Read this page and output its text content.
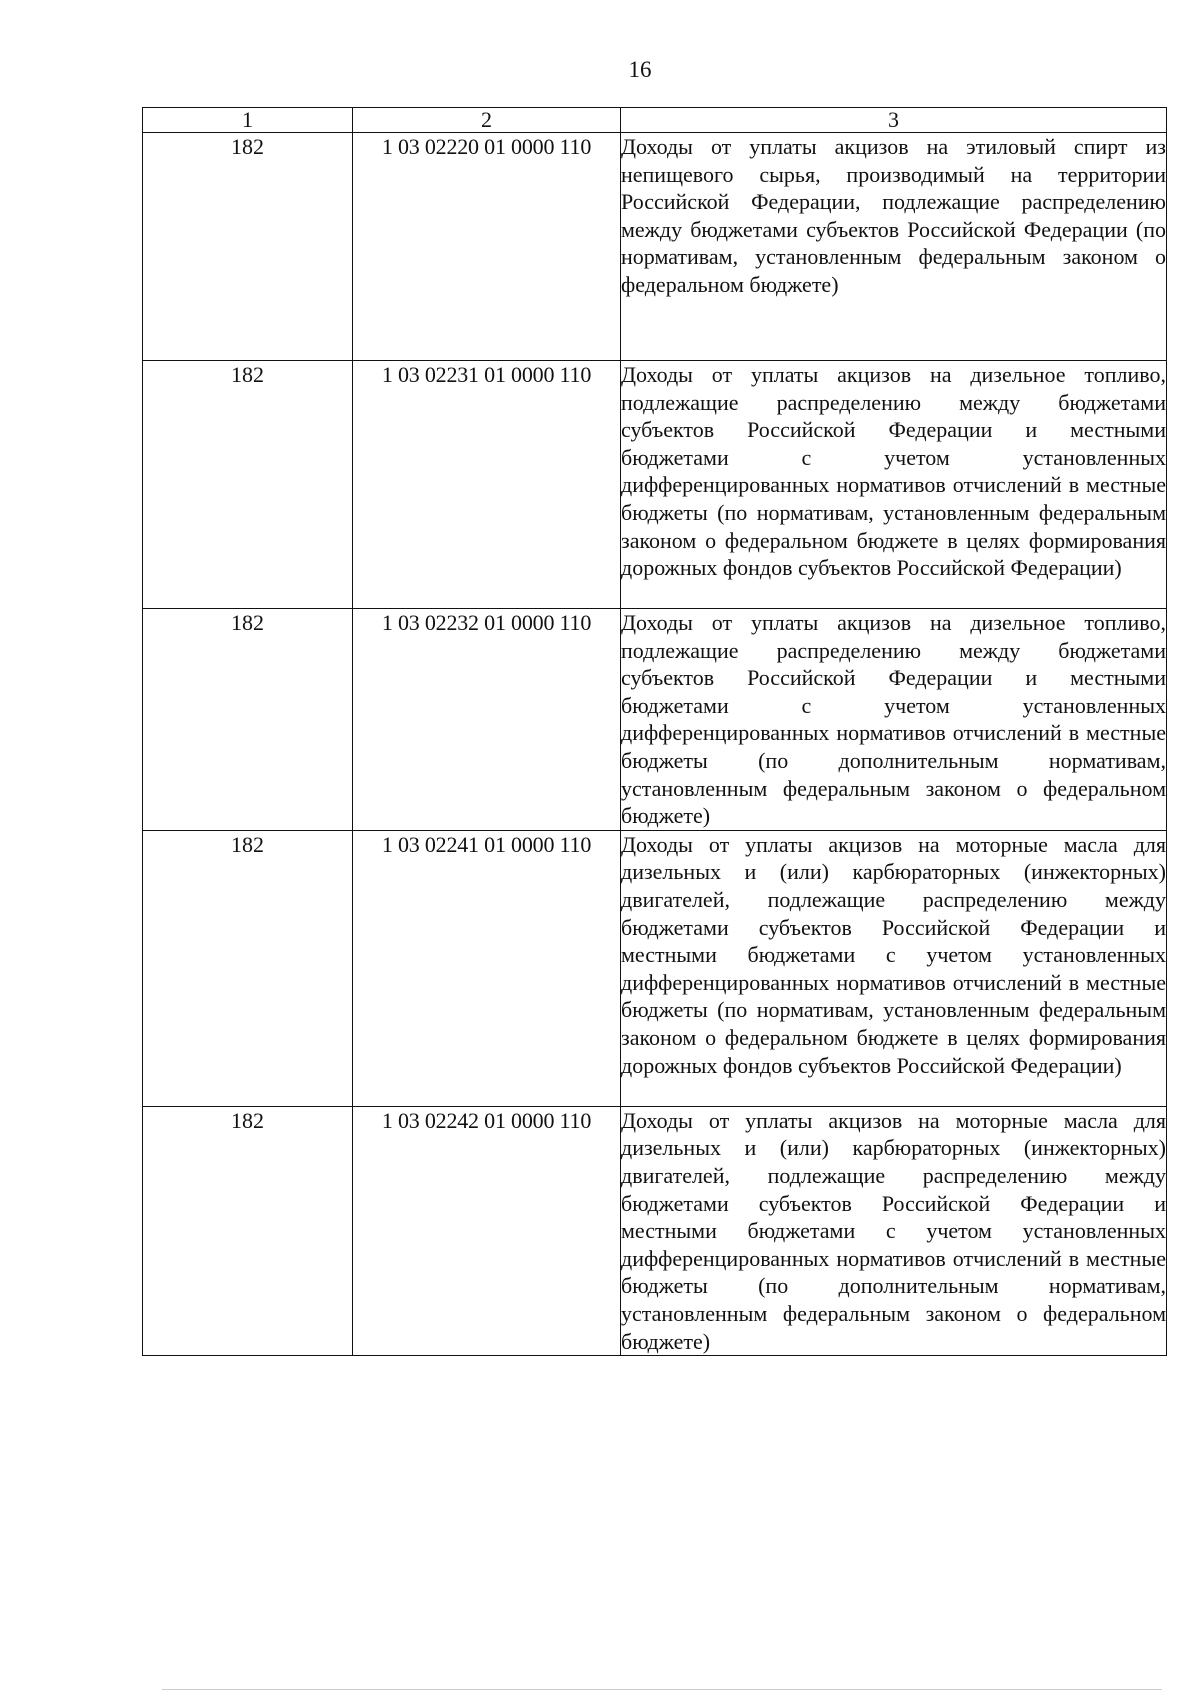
16
1	2	3
182	1 03 02220 01 0000 110	Доходы от уплаты акцизов на этиловый спирт из непищевого сырья, производимый на территории Российской Федерации, подлежащие распределению между бюджетами субъектов Российской Федерации (по нормативам, установленным федеральным законом о федеральном бюджете)
182	1 03 02231 01 0000 110	Доходы от уплаты акцизов на дизельное топливо, подлежащие распределению между бюджетами субъектов Российской Федерации и местными бюджетами с учетом установленных дифференцированных нормативов отчислений в местные бюджеты (по нормативам, установленным федеральным законом о федеральном бюджете в целях формирования дорожных фондов субъектов Российской Федерации)
182	1 03 02232 01 0000 110	Доходы от уплаты акцизов на дизельное топливо, подлежащие распределению между бюджетами субъектов Российской Федерации и местными бюджетами с учетом установленных дифференцированных нормативов отчислений в местные бюджеты (по дополнительным нормативам, установленным федеральным законом о федеральном бюджете)
182	1 03 02241 01 0000 110	Доходы от уплаты акцизов на моторные масла для дизельных и (или) карбюраторных (инжекторных) двигателей, подлежащие распределению между бюджетами субъектов Российской Федерации и местными бюджетами с учетом установленных дифференцированных нормативов отчислений в местные бюджеты (по нормативам, установленным федеральным законом о федеральном бюджете в целях формирования дорожных фондов субъектов Российской Федерации)
182	1 03 02242 01 0000 110	Доходы от уплаты акцизов на моторные масла для дизельных и (или) карбюраторных (инжекторных) двигателей, подлежащие распределению между бюджетами субъектов Российской Федерации и местными бюджетами с учетом установленных дифференцированных нормативов отчислений в местные бюджеты (по дополнительным нормативам, установленным федеральным законом о федеральном бюджете)
